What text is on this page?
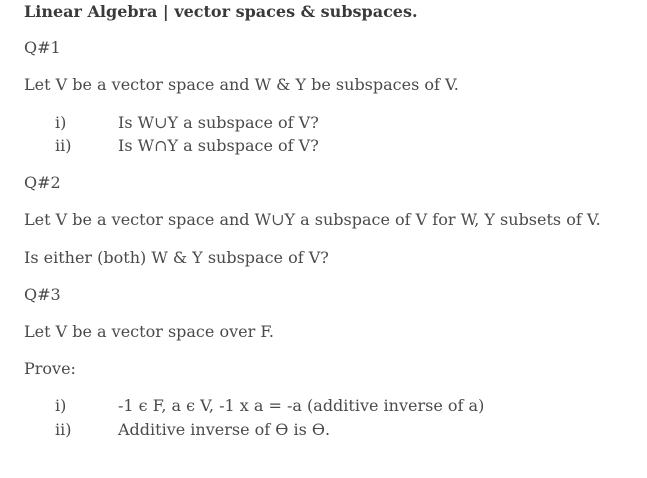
Linear Algebra | vector spaces & subspaces.
Q#1
Let V be a vector space and W & Y be subspaces of V.
i)	Is W∪Y a subspace of V?
ii)	Is W∩Y a subspace of V?
Q#2
Let V be a vector space and W∪Y a subspace of V for W, Y subsets of V.
Is either (both) W & Y subspace of V?
Q#3
Let V be a vector space over F.
Prove:
i)	-1 ϵ F, a ϵ V, -1 x a = -a (additive inverse of a)
ii)	Additive inverse of Ѳ is Ѳ.
